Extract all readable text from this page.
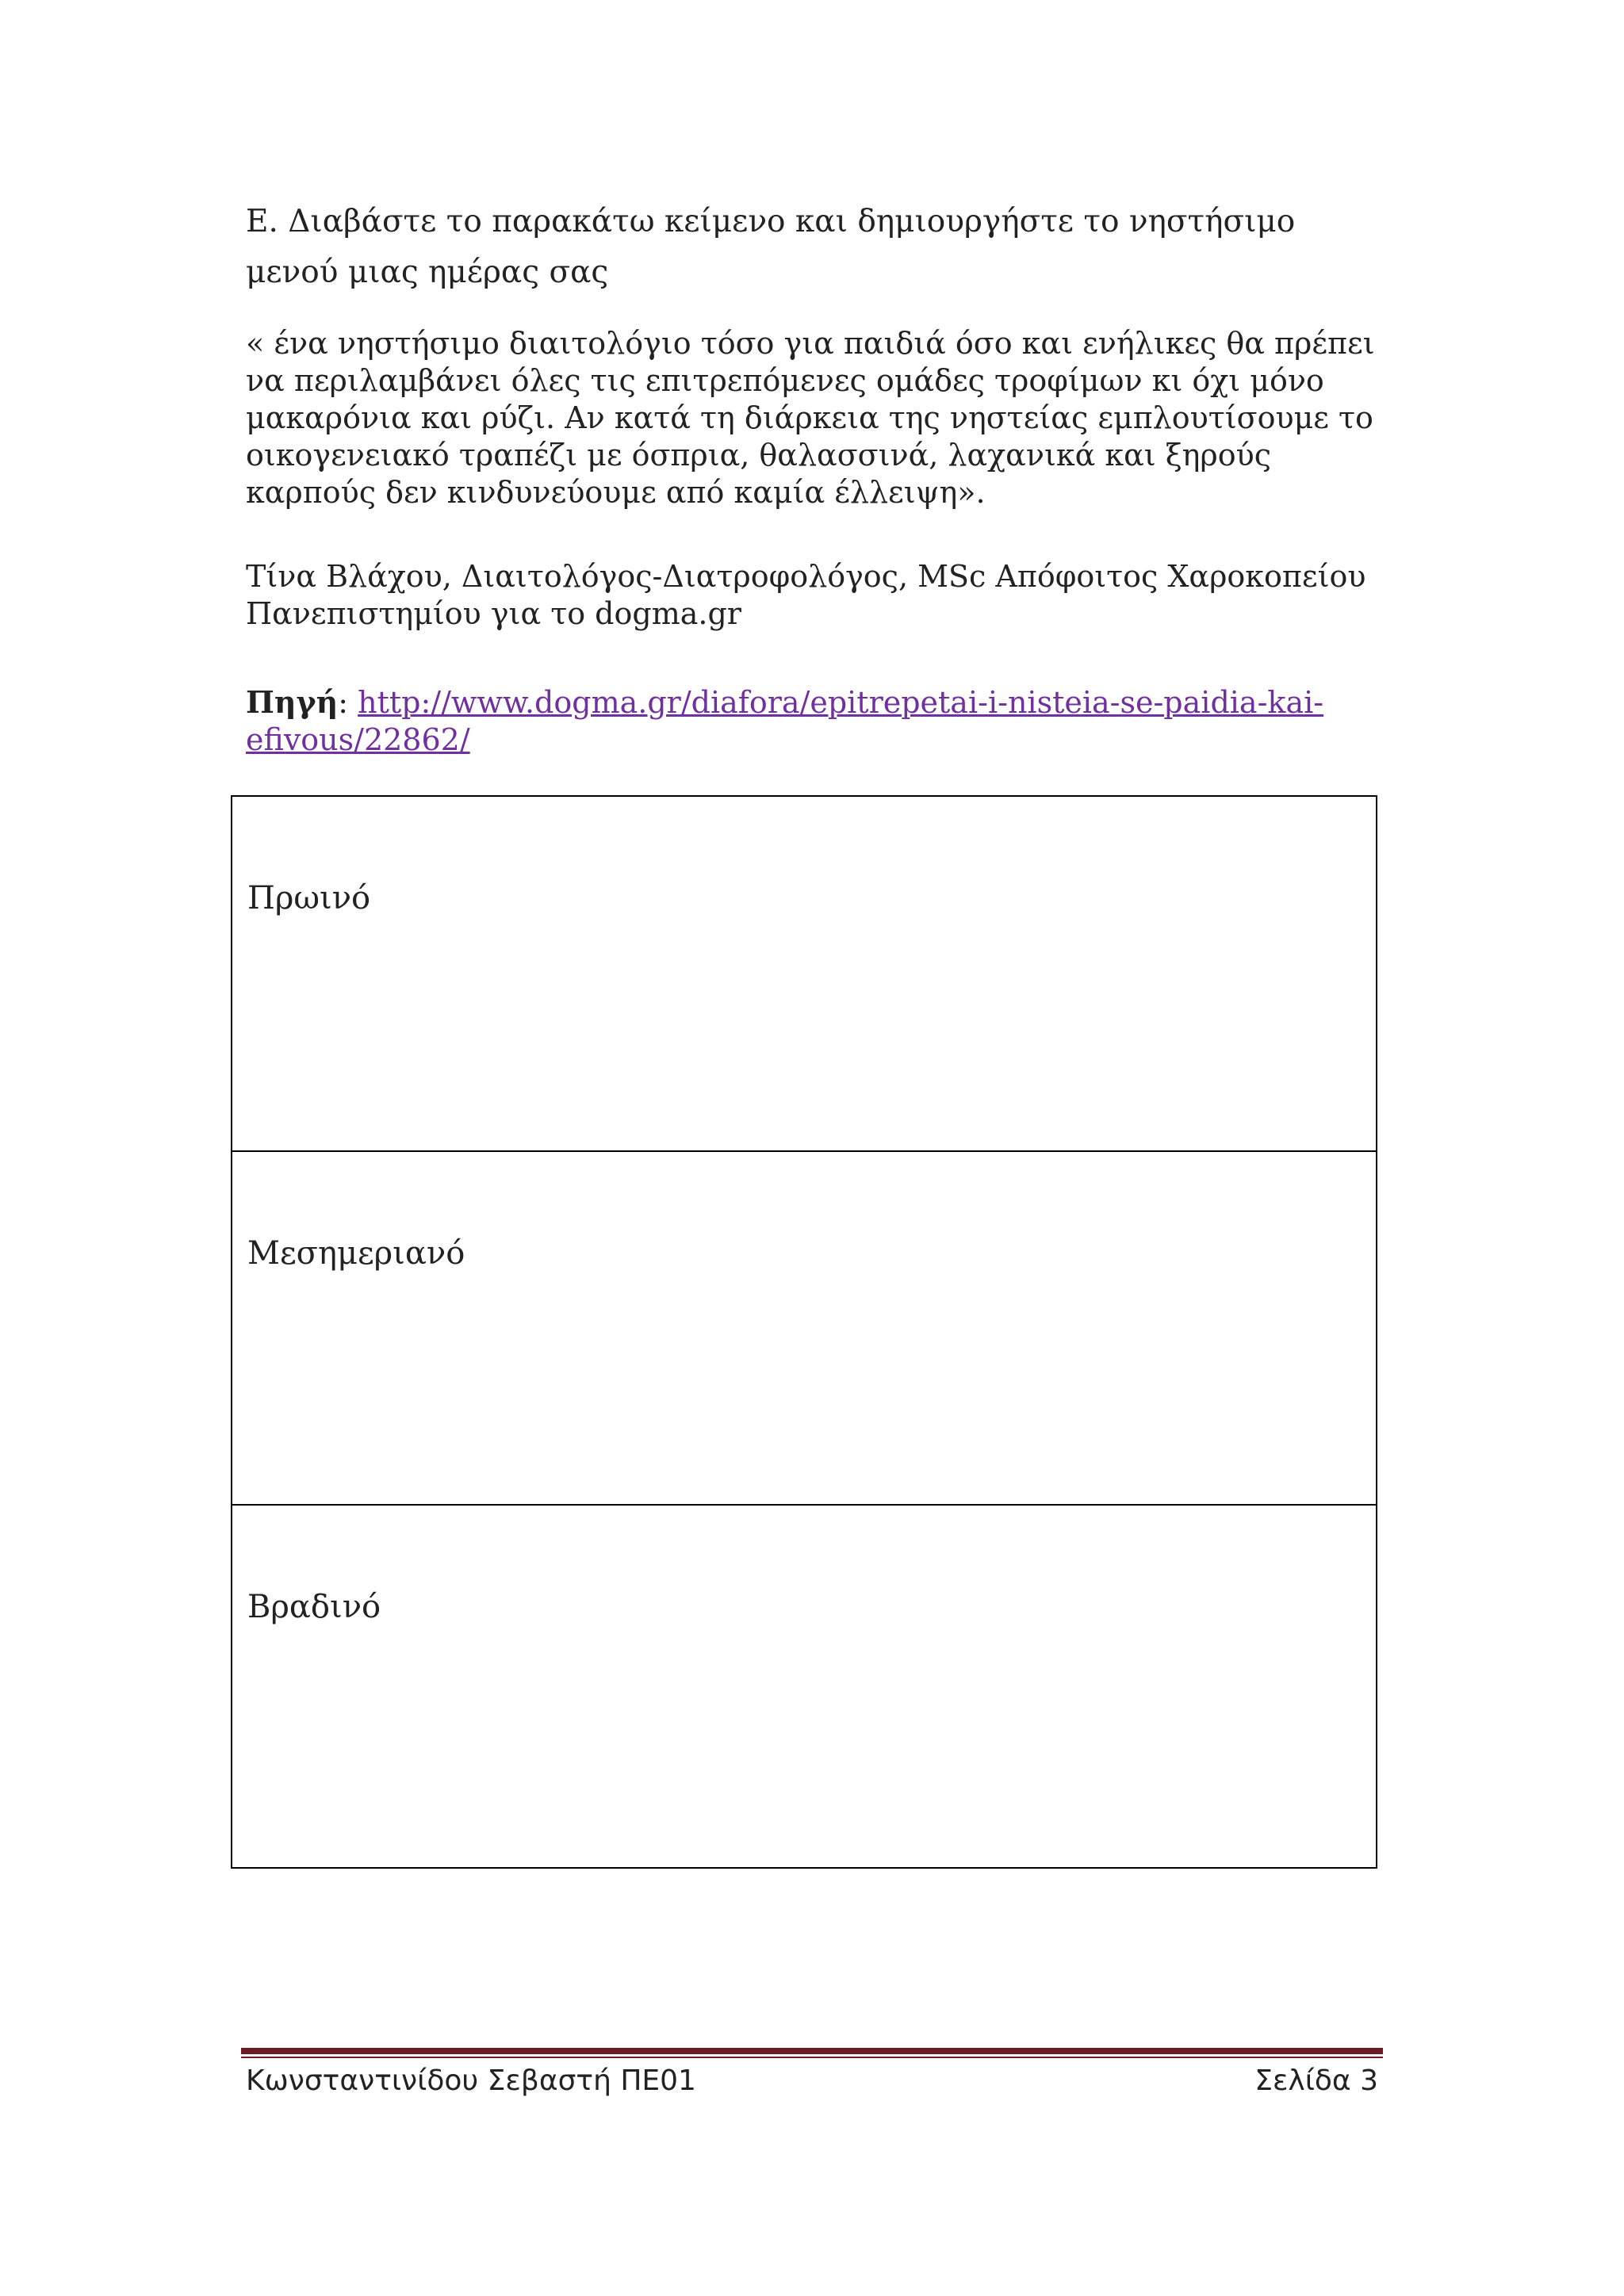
Ε. Διαβάστε το παρακάτω κείμενο και δημιουργήστε το νηστήσιμο μενού μιας ημέρας σας

« ένα νηστήσιμο διαιτολόγιο τόσο για παιδιά όσο και ενήλικες θα πρέπει να περιλαμβάνει όλες τις επιτρεπόμενες ομάδες τροφίμων κι όχι μόνο μακαρόνια και ρύζι. Αν κατά τη διάρκεια της νηστείας εμπλουτίσουμε το οικογενειακό τραπέζι με όσπρια, θαλασσινά, λαχανικά και ξηρούς καρπούς δεν κινδυνεύουμε από καμία έλλειψη».

Τίνα Βλάχου, Διαιτολόγος-Διατροφολόγος, MSc Απόφοιτος Χαροκοπείου Πανεπιστημίου για το dogma.gr

Πηγή: http://www.dogma.gr/diafora/epitrepetai-i-nisteia-se-paidia-kai-efivous/22862/

Πρωινό

Μεσημεριανό

Βραδινό

Κωνσταντινίδου Σεβαστή ΠΕ01	Σελίδα 3
